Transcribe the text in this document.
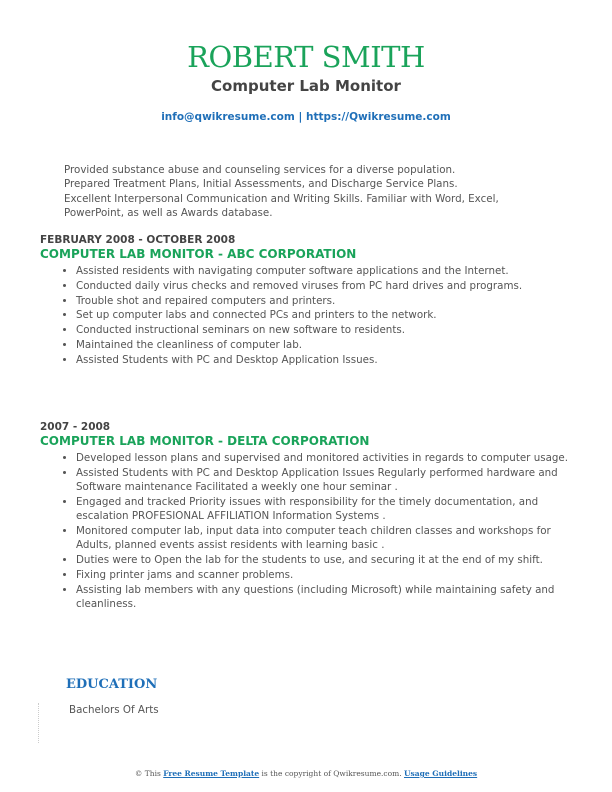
ROBERT SMITH
Computer Lab Monitor
info@qwikresume.com | https://Qwikresume.com
Provided substance abuse and counseling services for a diverse population. Prepared Treatment Plans, Initial Assessments, and Discharge Service Plans. Excellent Interpersonal Communication and Writing Skills. Familiar with Word, Excel, PowerPoint, as well as Awards database.
FEBRUARY 2008 - OCTOBER 2008
COMPUTER LAB MONITOR - ABC CORPORATION
• Assisted residents with navigating computer software applications and the Internet.
• Conducted daily virus checks and removed viruses from PC hard drives and programs.
• Trouble shot and repaired computers and printers.
• Set up computer labs and connected PCs and printers to the network.
• Conducted instructional seminars on new software to residents.
• Maintained the cleanliness of computer lab.
• Assisted Students with PC and Desktop Application Issues.
2007 - 2008
COMPUTER LAB MONITOR - DELTA CORPORATION
• Developed lesson plans and supervised and monitored activities in regards to computer usage.
• Assisted Students with PC and Desktop Application Issues Regularly performed hardware and Software maintenance Facilitated a weekly one hour seminar .
• Engaged and tracked Priority issues with responsibility for the timely documentation, and escalation PROFESIONAL AFFILIATION Information Systems .
• Monitored computer lab, input data into computer teach children classes and workshops for Adults, planned events assist residents with learning basic .
• Duties were to Open the lab for the students to use, and securing it at the end of my shift.
• Fixing printer jams and scanner problems.
• Assisting lab members with any questions (including Microsoft) while maintaining safety and cleanliness.
EDUCATION
Bachelors Of Arts
© This Free Resume Template is the copyright of Qwikresume.com. Usage Guidelines
